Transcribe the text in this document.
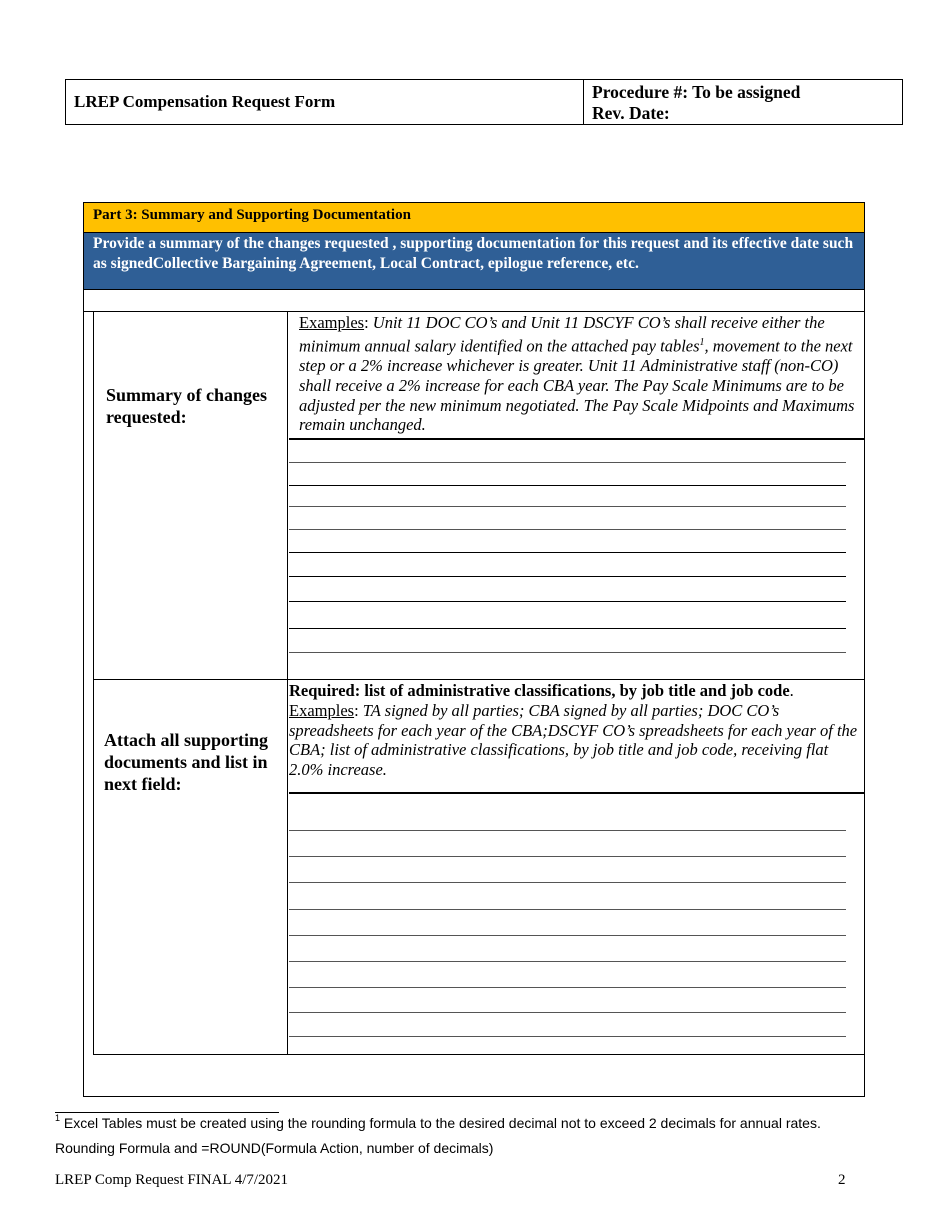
LREP Compensation Request Form	Procedure #: To be assigned
Rev. Date:
Part 3: Summary and Supporting Documentation
Provide a summary of the changes requested , supporting documentation for this request and its effective date such as signedCollective Bargaining Agreement, Local Contract, epilogue reference, etc.
Summary of changes requested:
Examples: Unit 11 DOC CO’s and Unit 11 DSCYF CO’s shall receive either the minimum annual salary identified on the attached pay tables$^1$, movement to the next step or a 2% increase whichever is greater. Unit 11 Administrative staff (non-CO) shall receive a 2% increase for each CBA year. The Pay Scale Minimums are to be adjusted per the new minimum negotiated. The Pay Scale Midpoints and Maximums remain unchanged.
Attach all supporting documents and list in next field:
Required: list of administrative classifications, by job title and job code.
Examples: TA signed by all parties; CBA signed by all parties; DOC CO’s spreadsheets for each year of the CBA;DSCYF CO’s spreadsheets for each year of the CBA; list of administrative classifications, by job title and job code, receiving flat 2.0% increase.
$^1$ Excel Tables must be created using the rounding formula to the desired decimal not to exceed 2 decimals for annual rates.
Rounding Formula and =ROUND(Formula Action, number of decimals)
LREP Comp Request FINAL 4/7/2021	2
